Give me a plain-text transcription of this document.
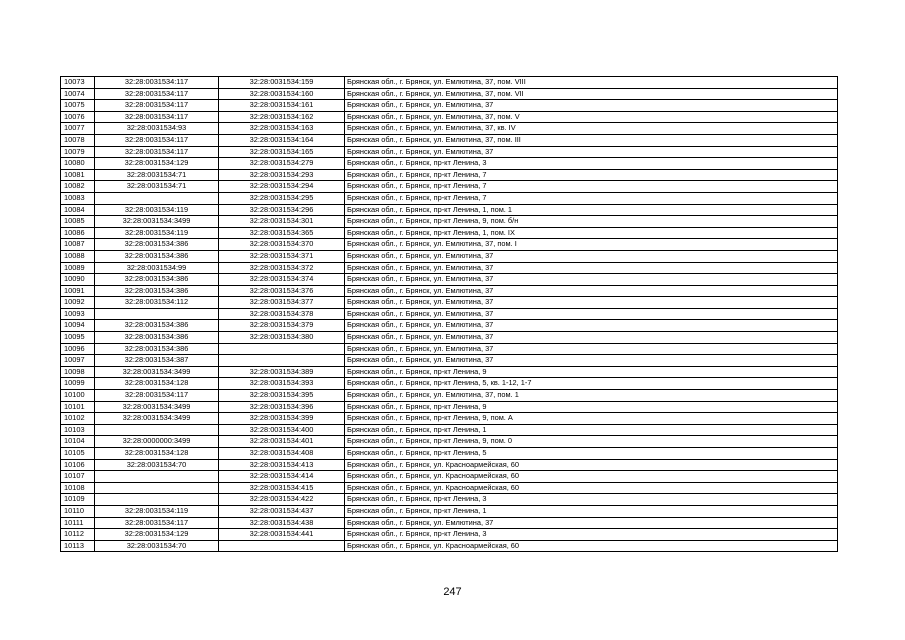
10073	32:28:0031534:117	32:28:0031534:159	Брянская обл., г. Брянск, ул. Емлютина, 37, пом. VIII
10074	32:28:0031534:117	32:28:0031534:160	Брянская обл., г. Брянск, ул. Емлютина, 37, пом. VII
10075	32:28:0031534:117	32:28:0031534:161	Брянская обл., г. Брянск, ул. Емлютина, 37
10076	32:28:0031534:117	32:28:0031534:162	Брянская обл., г. Брянск, ул. Емлютина, 37, пом. V
10077	32:28:0031534:93	32:28:0031534:163	Брянская обл., г. Брянск, ул. Емлютина, 37, кв. IV
10078	32:28:0031534:117	32:28:0031534:164	Брянская обл., г. Брянск, ул. Емлютина, 37, пом. III
10079	32:28:0031534:117	32:28:0031534:165	Брянская обл., г. Брянск, ул. Емлютина, 37
10080	32:28:0031534:129	32:28:0031534:279	Брянская обл., г. Брянск, пр-кт Ленина, 3
10081	32:28:0031534:71	32:28:0031534:293	Брянская обл., г. Брянск, пр-кт Ленина, 7
10082	32:28:0031534:71	32:28:0031534:294	Брянская обл., г. Брянск, пр-кт Ленина, 7
10083		32:28:0031534:295	Брянская обл., г. Брянск, пр-кт Ленина, 7
10084	32:28:0031534:119	32:28:0031534:296	Брянская обл., г. Брянск, пр-кт Ленина, 1, пом. 1
10085	32:28:0031534:3499	32:28:0031534:301	Брянская обл., г. Брянск, пр-кт Ленина, 9, пом. б/н
10086	32:28:0031534:119	32:28:0031534:365	Брянская обл., г. Брянск, пр-кт Ленина, 1, пом. IX
10087	32:28:0031534:386	32:28:0031534:370	Брянская обл., г. Брянск, ул. Емлютина, 37, пом. I
10088	32:28:0031534:386	32:28:0031534:371	Брянская обл., г. Брянск, ул. Емлютина, 37
10089	32:28:0031534:99	32:28:0031534:372	Брянская обл., г. Брянск, ул. Емлютина, 37
10090	32:28:0031534:386	32:28:0031534:374	Брянская обл., г. Брянск, ул. Емлютина, 37
10091	32:28:0031534:386	32:28:0031534:376	Брянская обл., г. Брянск, ул. Емлютина, 37
10092	32:28:0031534:112	32:28:0031534:377	Брянская обл., г. Брянск, ул. Емлютина, 37
10093		32:28:0031534:378	Брянская обл., г. Брянск, ул. Емлютина, 37
10094	32:28:0031534:386	32:28:0031534:379	Брянская обл., г. Брянск, ул. Емлютина, 37
10095	32:28:0031534:386	32:28:0031534:380	Брянская обл., г. Брянск, ул. Емлютина, 37
10096	32:28:0031534:386		Брянская обл., г. Брянск, ул. Емлютина, 37
10097	32:28:0031534:387		Брянская обл., г. Брянск, ул. Емлютина, 37
10098	32:28:0031534:3499	32:28:0031534:389	Брянская обл., г. Брянск, пр-кт Ленина, 9
10099	32:28:0031534:128	32:28:0031534:393	Брянская обл., г. Брянск, пр-кт Ленина, 5, кв. 1-12, 1-7
10100	32:28:0031534:117	32:28:0031534:395	Брянская обл., г. Брянск, ул. Емлютина, 37, пом. 1
10101	32:28:0031534:3499	32:28:0031534:396	Брянская обл., г. Брянск, пр-кт Ленина, 9
10102	32:28:0031534:3499	32:28:0031534:399	Брянская обл., г. Брянск, пр-кт Ленина, 9, пом. А
10103		32:28:0031534:400	Брянская обл., г. Брянск, пр-кт Ленина, 1
10104	32:28:0000000:3499	32:28:0031534:401	Брянская обл., г. Брянск, пр-кт Ленина, 9, пом. 0
10105	32:28:0031534:128	32:28:0031534:408	Брянская обл., г. Брянск, пр-кт Ленина, 5
10106	32:28:0031534:70	32:28:0031534:413	Брянская обл., г. Брянск, ул. Красноармейская, 60
10107		32:28:0031534:414	Брянская обл., г. Брянск, ул. Красноармейская, 60
10108		32:28:0031534:415	Брянская обл., г. Брянск, ул. Красноармейская, 60
10109		32:28:0031534:422	Брянская обл., г. Брянск, пр-кт Ленина, 3
10110	32:28:0031534:119	32:28:0031534:437	Брянская обл., г. Брянск, пр-кт Ленина, 1
10111	32:28:0031534:117	32:28:0031534:438	Брянская обл., г. Брянск, ул. Емлютина, 37
10112	32:28:0031534:129	32:28:0031534:441	Брянская обл., г. Брянск, пр-кт Ленина, 3
10113	32:28:0031534:70		Брянская обл., г. Брянск, ул. Красноармейская, 60
247
